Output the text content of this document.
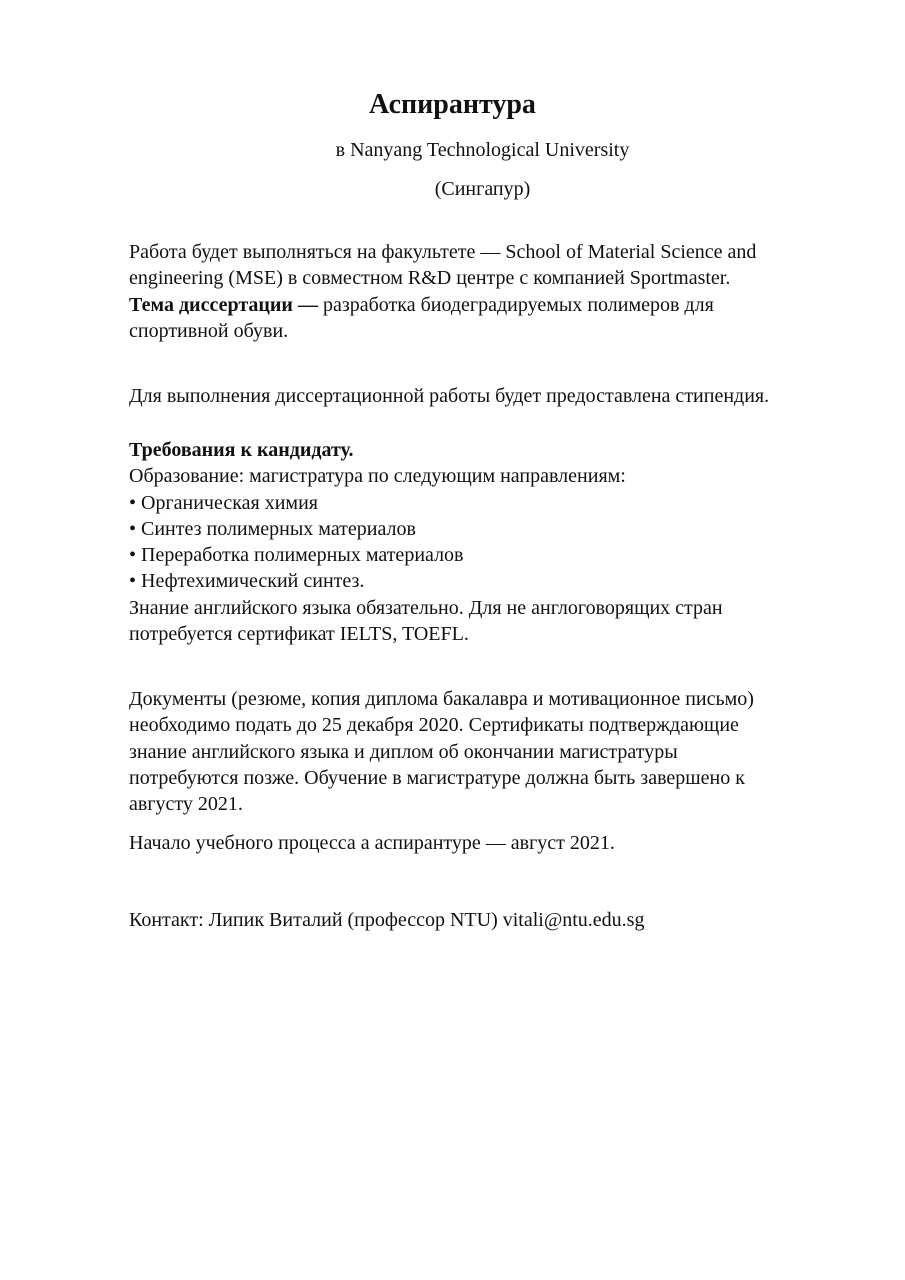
Аспирантура

в Nanyang Technological University

(Сингапур)

Работа будет выполняться на факультете — School of Material Science and
engineering (MSE) в совместном R&D центре с компанией Sportmaster.
Тема диссертации — разработка биодеградируемых полимеров для
спортивной обуви.
Для выполнения диссертационной работы будет предоставлена стипендия.
Требования к кандидату.
Образование: магистратура по следующим направлениям:
• Органическая химия
• Синтез полимерных материалов
• Переработка полимерных материалов
• Нефтехимический синтез.
Знание английского языка обязательно. Для не англоговорящих стран
потребуется сертификат IELTS, TOEFL.
Документы (резюме, копия диплома бакалавра и мотивационное письмо)
необходимо подать до 25 декабря 2020. Сертификаты подтверждающие
знание английского языка и диплом об окончании магистратуры
потребуются позже. Обучение в магистратуре должна быть завершено к
августу 2021.
Начало учебного процесса а аспирантуре — август 2021.
Контакт: Липик Виталий (профессор NTU) vitali@ntu.edu.sg
